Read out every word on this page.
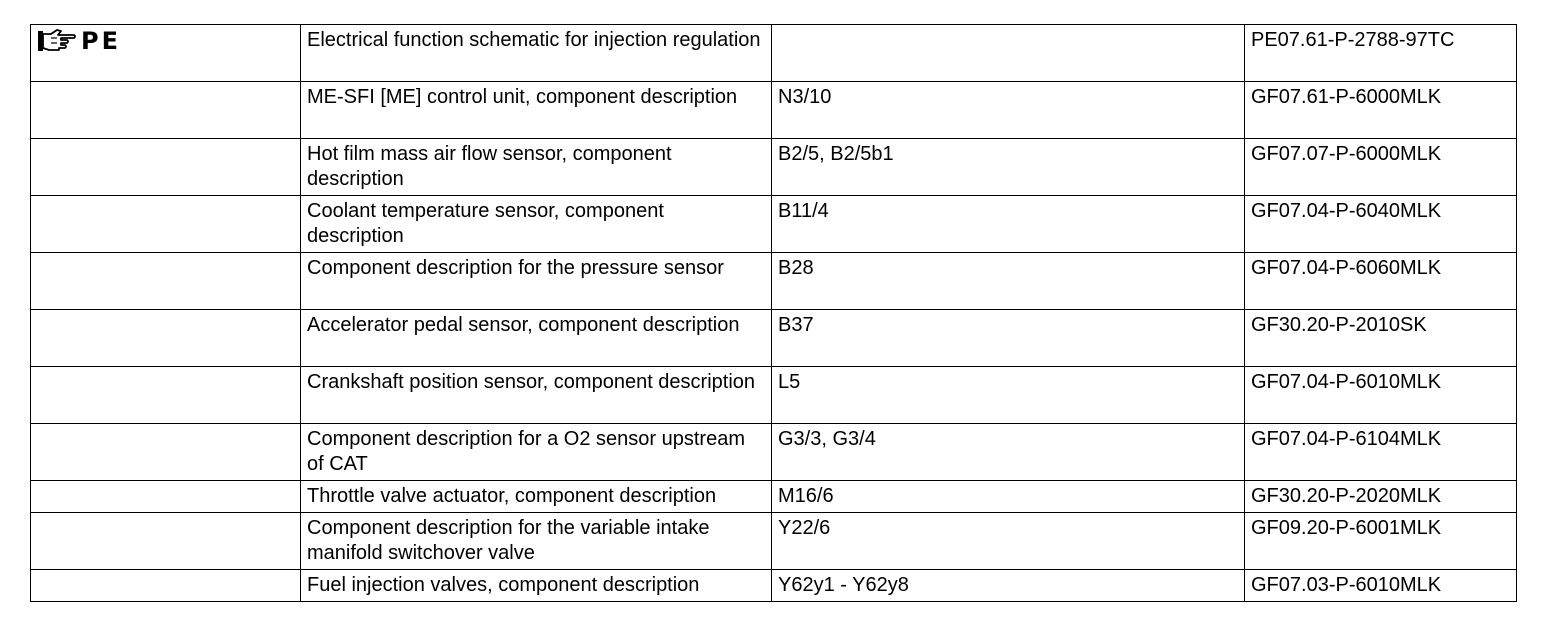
PE	Electrical function schematic for injection regulation		PE07.61-P-2788-97TC
	ME-SFI [ME] control unit, component description	N3/10	GF07.61-P-6000MLK
	Hot film mass air flow sensor, component description	B2/5, B2/5b1	GF07.07-P-6000MLK
	Coolant temperature sensor, component description	B11/4	GF07.04-P-6040MLK
	Component description for the pressure sensor	B28	GF07.04-P-6060MLK
	Accelerator pedal sensor, component description	B37	GF30.20-P-2010SK
	Crankshaft position sensor, component description	L5	GF07.04-P-6010MLK
	Component description for a O2 sensor upstream of CAT	G3/3, G3/4	GF07.04-P-6104MLK
	Throttle valve actuator, component description	M16/6	GF30.20-P-2020MLK
	Component description for the variable intake manifold switchover valve	Y22/6	GF09.20-P-6001MLK
	Fuel injection valves, component description	Y62y1 - Y62y8	GF07.03-P-6010MLK
